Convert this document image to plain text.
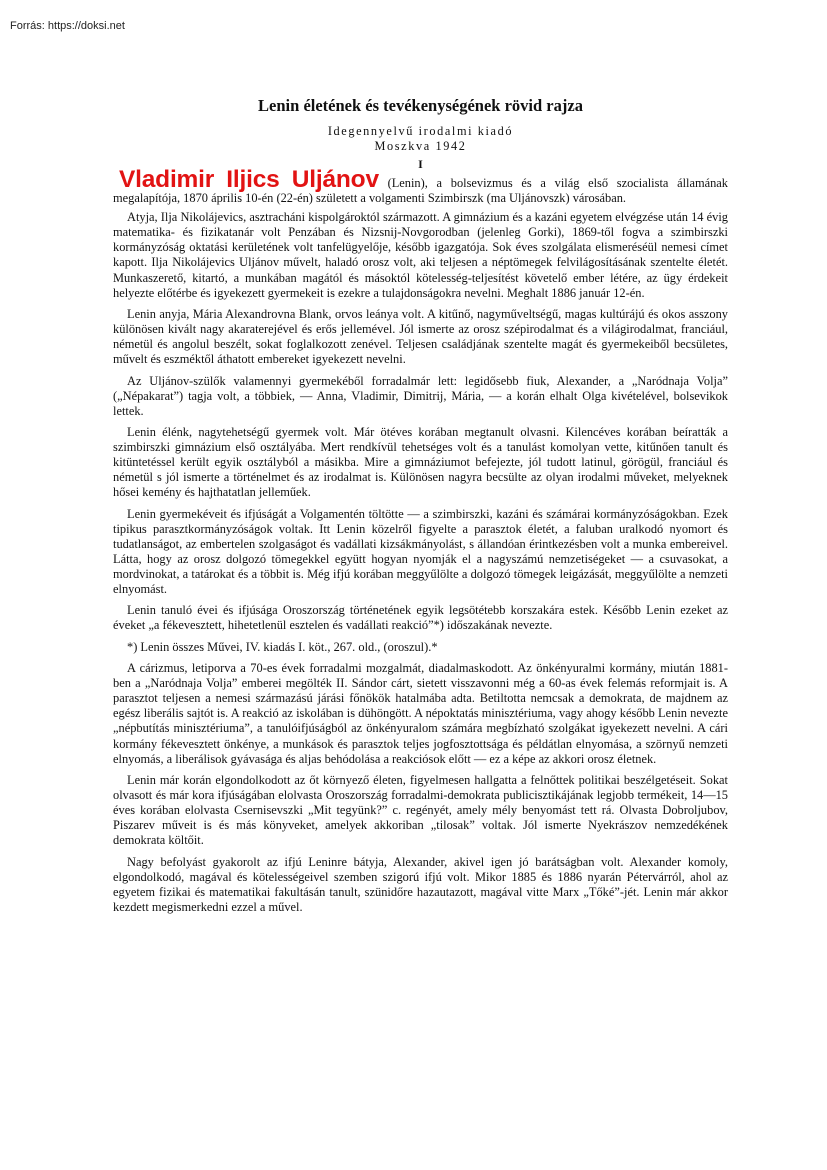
Forrás: https://doksi.net
Lenin életének és tevékenységének rövid rajza
Idegennyelvű irodalmi kiadó
Moszkva 1942
I

Vladimir Iljics Uljánov (Lenin), a bolsevizmus és a világ első szocialista államának megalapítója, 1870 április 10-én (22-én) született a volgamenti Szimbirszk (ma Uljánovszk) városában.

Atyja, Ilja Nikolájevics, asztracháni kispolgároktól származott. A gimnázium és a kazáni egyetem elvégzése után 14 évig matematika- és fizikatanár volt Penzában és Nizsnij-Novgorodban (jelenleg Gorki), 1869-től fogva a szimbirszki kormányzóság oktatási kerületének volt tanfelügyelője, később igazgatója. Sok éves szolgálata elismeréséül nemesi címet kapott. Ilja Nikolájevics Uljánov művelt, haladó orosz volt, aki teljesen a néptömegek felvilágosításának szentelte életét. Munkaszerető, kitartó, a munkában magától és másoktól kötelesség-teljesítést követelő ember létére, az ügy érdekeit helyezte előtérbe és igyekezett gyermekeit is ezekre a tulajdonságokra nevelni. Meghalt 1886 január 12-én.

Lenin anyja, Mária Alexandrovna Blank, orvos leánya volt. A kitűnő, nagyműveltségű, magas kultúrájú és okos asszony különösen kivált nagy akaraterejével és erős jellemével. Jól ismerte az orosz szépirodalmat és a világirodalmat, franciául, németül és angolul beszélt, sokat foglalkozott zenével. Teljesen családjának szentelte magát és gyermekeiből becsületes, művelt és eszméktől áthatott embereket igyekezett nevelni.

Az Uljánov-szülők valamennyi gyermekéből forradalmár lett: legidősebb fiuk, Alexander, a „Naródnaja Volja” („Népakarat”) tagja volt, a többiek, — Anna, Vladimir, Dimitrij, Mária, — a korán elhalt Olga kivételével, bolsevikok lettek.

Lenin élénk, nagytehetségű gyermek volt. Már ötéves korában megtanult olvasni. Kilencéves korában beíratták a szimbirszki gimnázium első osztályába. Mert rendkívül tehetséges volt és a tanulást komolyan vette, kitűnően tanult és kitüntetéssel került egyik osztályból a másikba. Mire a gimnáziumot befejezte, jól tudott latinul, görögül, franciául és németül s jól ismerte a történelmet és az irodalmat is. Különösen nagyra becsülte az olyan irodalmi műveket, melyeknek hősei kemény és hajthatatlan jelleműek.

Lenin gyermekéveit és ifjúságát a Volgamentén töltötte — a szimbirszki, kazáni és számárai kormányzóságokban. Ezek tipikus parasztkormányzóságok voltak. Itt Lenin közelről figyelte a parasztok életét, a faluban uralkodó nyomort és tudatlanságot, az embertelen szolgaságot és vadállati kizsákmányolást, s állandóan érintkezésben volt a munka embereivel. Látta, hogy az orosz dolgozó tömegekkel együtt hogyan nyomják el a nagyszámú nemzetiségeket — a csuvasokat, a mordvinokat, a tatárokat és a többit is. Még ifjú korában meggyűlölte a dolgozó tömegek leigázását, meggyűlölte a nemzeti elnyomást.

Lenin tanuló évei és ifjúsága Oroszország történetének egyik legsötétebb korszakára estek. Később Lenin ezeket az éveket „a fékevesztett, hihetetlenül esztelen és vadállati reakció”*) időszakának nevezte.

*) Lenin összes Művei, IV. kiadás I. köt., 267. old., (oroszul).*

A cárizmus, letiporva a 70-es évek forradalmi mozgalmát, diadalmaskodott. Az önkényuralmi kormány, miután 1881-ben a „Naródnaja Volja” emberei megölték II. Sándor cárt, sietett visszavonni még a 60-as évek felemás reformjait is. A parasztot teljesen a nemesi származású járási főnökök hatalmába adta. Betiltotta nemcsak a demokrata, de majdnem az egész liberális sajtót is. A reakció az iskolában is dühöngött. A népoktatás minisztériuma, vagy ahogy később Lenin nevezte „népbutítás minisztériuma”, a tanulóifjúságból az önkényuralom számára megbízható szolgákat igyekezett nevelni. A cári kormány fékevesztett önkénye, a munkások és parasztok teljes jogfosztottsága és példátlan elnyomása, a szörnyű nemzeti elnyomás, a liberálisok gyávasága és aljas behódolása a reakciósok előtt — ez a képe az akkori orosz életnek.

Lenin már korán elgondolkodott az őt környező életen, figyelmesen hallgatta a felnőttek politikai beszélgetéseit. Sokat olvasott és már kora ifjúságában elolvasta Oroszország forradalmi-demokrata publicisztikájának legjobb termékeit, 14—15 éves korában elolvasta Csernisevszki „Mit tegyünk?” c. regényét, amely mély benyomást tett rá. Olvasta Dobroljubov, Piszarev műveit is és más könyveket, amelyek akkoriban „tilosak” voltak. Jól ismerte Nyekrászov nemzedékének demokrata költőit.

Nagy befolyást gyakorolt az ifjú Leninre bátyja, Alexander, akivel igen jó barátságban volt. Alexander komoly, elgondolkodó, magával és kötelességeivel szemben szigorú ifjú volt. Mikor 1885 és 1886 nyarán Pétervárról, ahol az egyetem fizikai és matematikai fakultásán tanult, szünidőre hazautazott, magával vitte Marx „Tőké”-jét. Lenin már akkor kezdett megismerkedni ezzel a művel.
